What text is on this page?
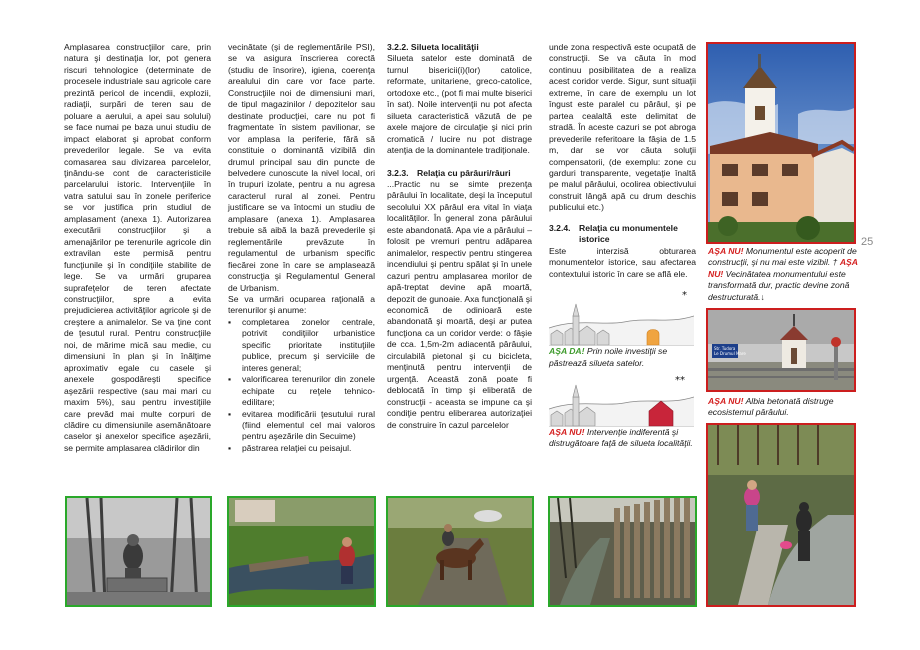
Amplasarea construcţiilor care, prin natura şi destinaţia lor, pot genera riscuri tehnologice (determinate de procesele industriale sau agricole care prezintă pericol de incendii, explozii, radiaţii, surpări de teren sau de poluare a aerului, a apei sau solului) se face numai pe baza unui studiu de impact elaborat şi aprobat conform prevederilor legale. Se va evita comasarea sau divizarea parcelelor, ţinându-se cont de caracteristicile parcelarului istoric. Intervenţiile în vatra satului sau în zonele periferice se vor justifica prin studiul de amplasament (anexa 1). Autorizarea executării construcţiilor şi a amenajărilor pe terenurile agricole din extravilan este permisă pentru funcţiunile şi în condiţiile stabilite de lege. Se va urmări gruparea suprafeţelor de teren afectate construcţiilor, spre a evita prejudicierea activităţilor agricole şi de creştere a animalelor. Se va ţine cont de ţesutul rural. Pentru construcţiile noi, de mărime mică sau medie, cu dimensiuni în plan şi în înălţime aproximativ egale cu casele şi anexele gospodăreşti specifice aşezării respective (sau mai mari cu maxim 5%), sau pentru investiţiile care prevăd mai multe corpuri de clădire cu dimensiunile asemănătoare caselor şi anexelor specifice aşezării, se permite amplasarea clădirilor din

vecinătate (şi de reglementările PSI), se va asigura înscrierea corectă (studiu de însorire), igiena, coerenţa arealului din care vor face parte. Construcţiile noi de dimensiuni mari, de tipul magazinilor / depozitelor sau destinate producţiei, care nu pot fi fragmentate în sistem pavilionar, se vor amplasa la periferie, fără să constituie o dominantă vizibilă din drumul principal sau din puncte de belvedere cunoscute la nivel local, ori în trupuri izolate, pentru a nu agresa caracterul rural al zonei. Pentru justificare se va întocmi un studiu de amplasare (anexa 1). Amplasarea trebuie să aibă la bază prevederile şi reglementările prevăzute în regulamentul de urbanism specific fiecărei zone în care se amplasează construcţia şi Regulamentul General de Urbanism.

Se va urmări ocuparea raţională a terenurilor şi anume:

▪	completarea zonelor centrale, potrivit condiţiilor urbanistice specific prioritate instituţiile publice, precum şi serviciile de interes general;
▪	valorificarea terenurilor din zonele echipate cu reţele tehnico-edilitare;
▪	evitarea modificării ţesutului rural (fiind elementul cel mai valoros pentru aşezările din Secuime)
▪	păstrarea relaţiei cu peisajul.
3.2.2. Silueta localităţii

Silueta satelor este dominată de turnul bisericii(i)(lor) catolice, reformate, unitariene, greco-catolice, ortodoxe etc., (pot fi mai multe biserici în sat). Noile intervenţii nu pot afecta silueta caracteristică văzută de pe axele majore de circulaţie şi nici prin cromatică / lucire nu pot distrage atenţia de la dominantele tradiţionale.

3.2.3. Relaţia cu pârâuri/râuri

...Practic nu se simte prezenţa pârâului în localitate, deşi la începutul secolului XX pârâul era vital în viaţa localităţilor. În general zona pârâului este abandonată. Apa vie a pârâului – folosit pe vremuri pentru adăparea animalelor, respectiv pentru stingerea incendiului şi pentru spălat şi în unele cazuri pentru amplasarea morilor de apă-treptat devine apă moartă, depozit de gunoaie. Axa funcţională şi economică de odinioară este abandonată şi moartă, deşi ar putea funcţiona ca un coridor verde: o fâşie de cca. 1,5m-2m adiacentă pârâului, circulabilă pietonal şi cu bicicleta, menţinută pentru intervenţii de urgenţă. Această zonă poate fi deblocată în timp şi eliberată de construcţii - aceasta se impune ca şi condiţie pentru eliberarea autorizaţiei de construire în cazul parcelelor

unde zona respectivă este ocupată de construcţii. Se va căuta în mod continuu posibilitatea de a realiza acest coridor verde. Sigur, sunt situaţii extreme, în care de exemplu un lot îngust este paralel cu pârâul, şi pe partea cealaltă este delimitat de stradă. În aceste cazuri se pot abroga prevederile referitoare la fâşia de 1.5 m, dar se vor căuta soluţii compensatorii, (de exemplu: zone cu garduri transparente, vegetaţie înaltă pe malul pârâului, ocolirea obiectivului construit lângă apă cu drum deschis publicului etc.)

3.2.4. Relaţia cu monumentele istorice

Este interzisă obturarea monumentelor istorice, sau afectarea contextului istoric în care se află ele.

*
AŞA DA! Prin noile investiţii se păstrează silueta satelor.
**
AŞA NU! Intervenţie indiferentă şi distrugătoare faţă de silueta localităţii.
25
AŞA NU! Monumentul este acoperit de construcţii, şi nu mai este vizibil. † AŞA NU! Vecinătatea monumentului este transformată dur, practic devine zonă destructurată.↓
Str. Tudora Le Drumul Mare
AŞA NU! Albia betonată distruge ecosistemul pârâului.
